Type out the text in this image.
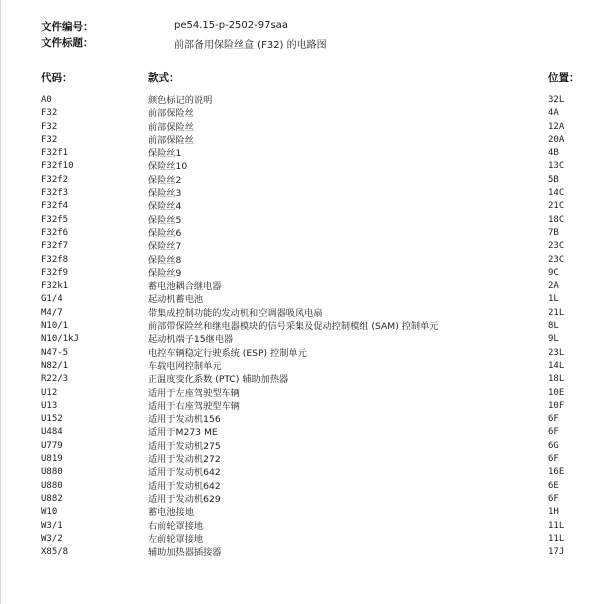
文件编号：	pe54.15-p-2502-97saa
文件标题：	前部备用保险丝盒 (F32) 的电路图
代码：	款式：	位置：
A0	颜色标记的说明	32L
F32	前部保险丝	4A
F32	前部保险丝	12A
F32	前部保险丝	20A
F32f1	保险丝1	4B
F32f10	保险丝10	13C
F32f2	保险丝2	5B
F32f3	保险丝3	14C
F32f4	保险丝4	21C
F32f5	保险丝5	18C
F32f6	保险丝6	7B
F32f7	保险丝7	23C
F32f8	保险丝8	23C
F32f9	保险丝9	9C
F32k1	蓄电池耦合继电器	2A
G1/4	起动机蓄电池	1L
M4/7	带集成控制功能的发动机和空调器吸风电扇	21L
N10/1	前部带保险丝和继电器模块的信号采集及促动控制模组 (SAM) 控制单元	8L
N10/1kJ	起动机端子15继电器	9L
N47-5	电控车辆稳定行驶系统 (ESP) 控制单元	23L
N82/1	车载电网控制单元	14L
R22/3	正温度变化系数 (PTC) 辅助加热器	18L
U12	适用于左座驾驶型车辆	10E
U13	适用于右座驾驶型车辆	10F
U152	适用于发动机156	6F
U484	适用于M273 ME	6F
U779	适用于发动机275	6G
U819	适用于发动机272	6F
U880	适用于发动机642	16E
U880	适用于发动机642	6E
U882	适用于发动机629	6F
W10	蓄电池接地	1H
W3/1	右前轮罩接地	11L
W3/2	左前轮罩接地	11L
X85/8	辅助加热器插接器	17J
